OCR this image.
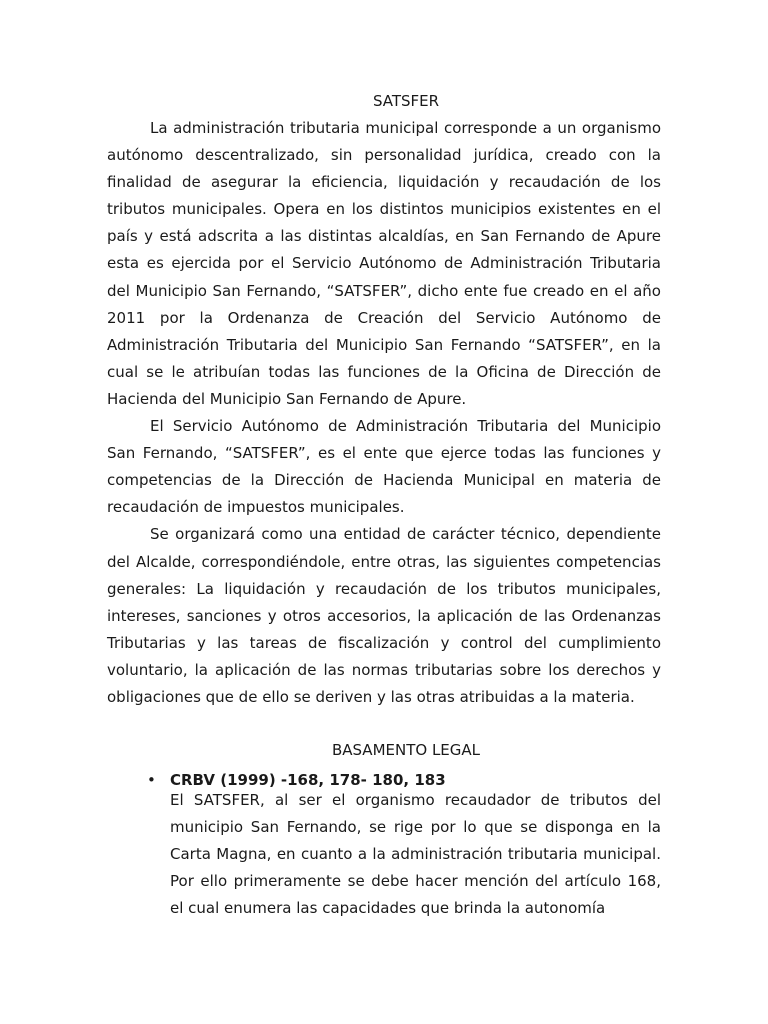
SATSFER

La administración tributaria municipal corresponde a un organismo autónomo descentralizado, sin personalidad jurídica, creado con la finalidad de asegurar la eficiencia, liquidación y recaudación de los tributos municipales. Opera en los distintos municipios existentes en el país y está adscrita a las distintas alcaldías, en San Fernando de Apure esta es ejercida por el Servicio Autónomo de Administración Tributaria del Municipio San Fernando, “SATSFER”, dicho ente fue creado en el año 2011 por la Ordenanza de Creación del Servicio Autónomo de Administración Tributaria del Municipio San Fernando “SATSFER”, en la cual se le atribuían todas las funciones de la Oficina de Dirección de Hacienda del Municipio San Fernando de Apure.

El Servicio Autónomo de Administración Tributaria del Municipio San Fernando, “SATSFER”, es el ente que ejerce todas las funciones y competencias de la Dirección de Hacienda Municipal en materia de recaudación de impuestos municipales.

Se organizará como una entidad de carácter técnico, dependiente del Alcalde, correspondiéndole, entre otras, las siguientes competencias generales: La liquidación y recaudación de los tributos municipales, intereses, sanciones y otros accesorios, la aplicación de las Ordenanzas Tributarias y las tareas de fiscalización y control del cumplimiento voluntario, la aplicación de las normas tributarias sobre los derechos y obligaciones que de ello se deriven y las otras atribuidas a la materia.

BASAMENTO LEGAL
• CRBV (1999) -168, 178- 180, 183

El SATSFER, al ser el organismo recaudador de tributos del municipio San Fernando, se rige por lo que se disponga en la Carta Magna, en cuanto a la administración tributaria municipal. Por ello primeramente se debe hacer mención del artículo 168, el cual enumera las capacidades que brinda la autonomía
